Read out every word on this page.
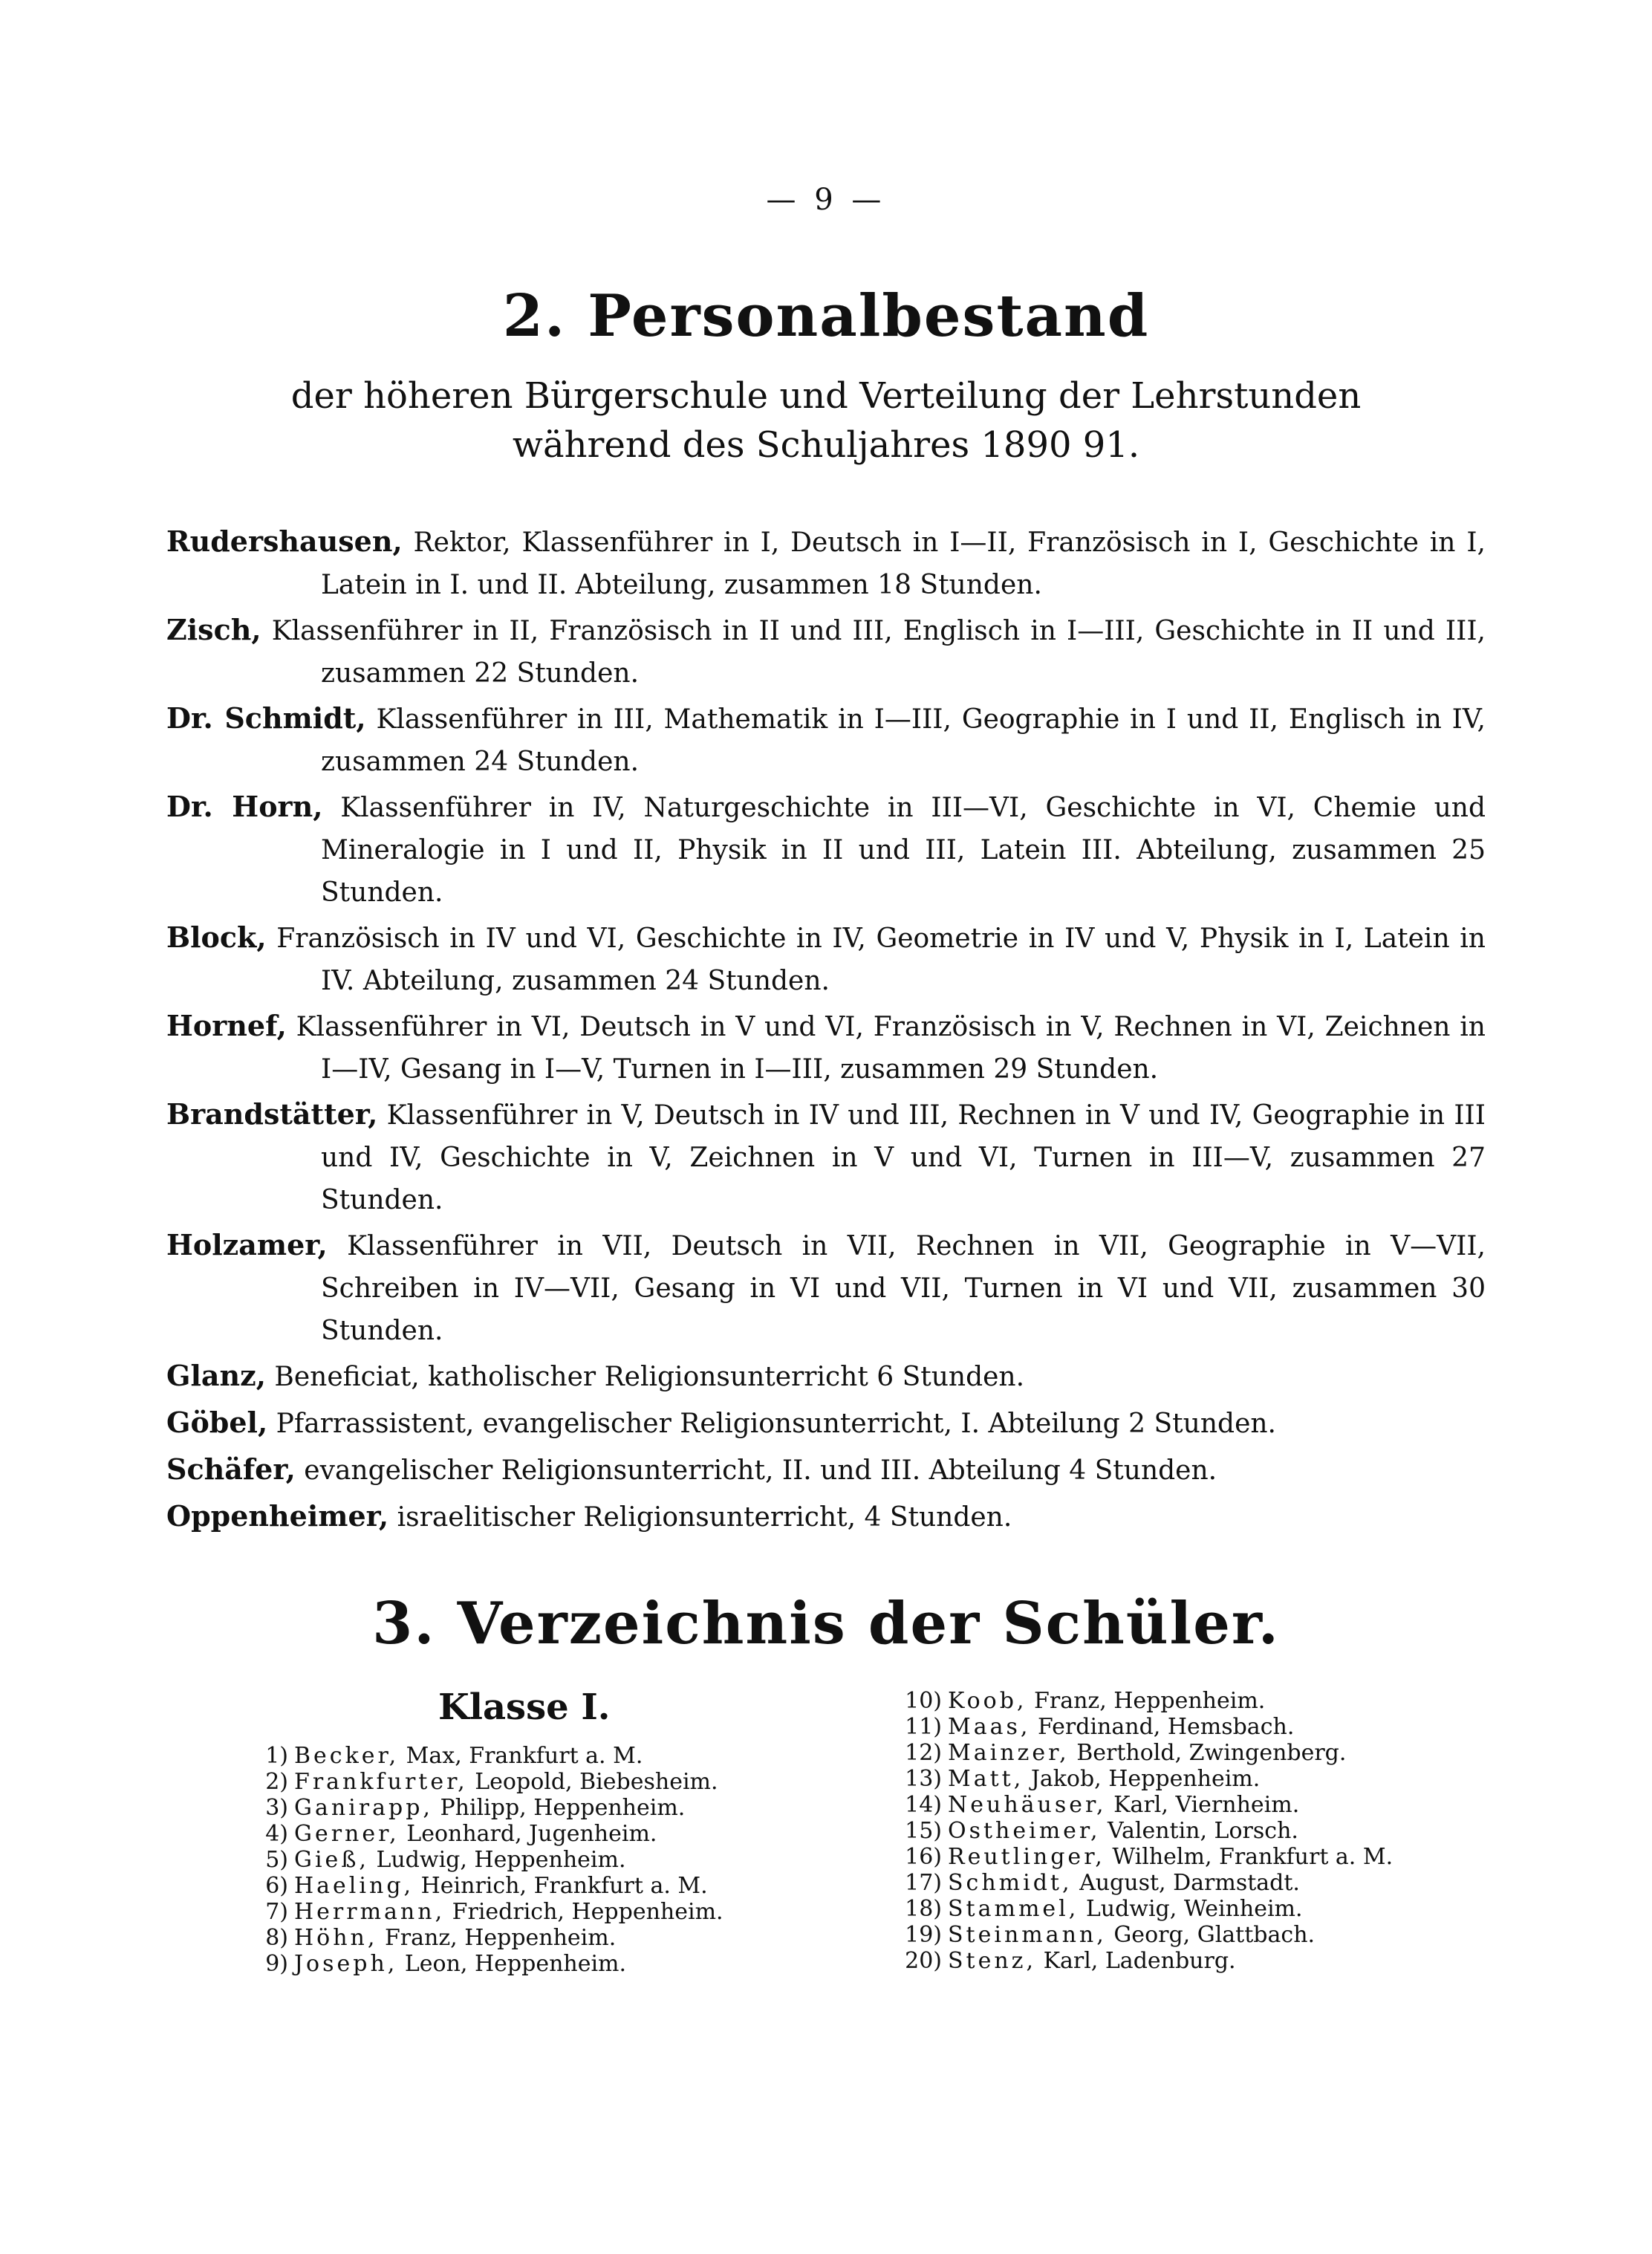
— 9 —
2. Personalbestand
der höheren Bürgerschule und Verteilung der Lehrstunden
während des Schuljahres 1890 91.
Rudershausen, Rektor, Klassenführer in I, Deutsch in I—II, Französisch in I, Geschichte in I, Latein in I. und II. Abteilung, zusammen 18 Stunden.
Zisch, Klassenführer in II, Französisch in II und III, Englisch in I—III, Geschichte in II und III, zusammen 22 Stunden.
Dr. Schmidt, Klassenführer in III, Mathematik in I—III, Geographie in I und II, Englisch in IV, zusammen 24 Stunden.
Dr. Horn, Klassenführer in IV, Naturgeschichte in III—VI, Geschichte in VI, Chemie und Mineralogie in I und II, Physik in II und III, Latein III. Abteilung, zusammen 25 Stunden.
Block, Französisch in IV und VI, Geschichte in IV, Geometrie in IV und V, Physik in I, Latein in IV. Abteilung, zusammen 24 Stunden.
Hornef, Klassenführer in VI, Deutsch in V und VI, Französisch in V, Rechnen in VI, Zeichnen in I—IV, Gesang in I—V, Turnen in I—III, zusammen 29 Stunden.
Brandstätter, Klassenführer in V, Deutsch in IV und III, Rechnen in V und IV, Geographie in III und IV, Geschichte in V, Zeichnen in V und VI, Turnen in III—V, zusammen 27 Stunden.
Holzamer, Klassenführer in VII, Deutsch in VII, Rechnen in VII, Geographie in V—VII, Schreiben in IV—VII, Gesang in VI und VII, Turnen in VI und VII, zusammen 30 Stunden.
Glanz, Beneficiat, katholischer Religionsunterricht 6 Stunden.
Göbel, Pfarrassistent, evangelischer Religionsunterricht, I. Abteilung 2 Stunden.
Schäfer, evangelischer Religionsunterricht, II. und III. Abteilung 4 Stunden.
Oppenheimer, israelitischer Religionsunterricht, 4 Stunden.
3. Verzeichnis der Schüler.
Klasse I.
1) Becker, Max, Frankfurt a. M.
2) Frankfurter, Leopold, Biebesheim.
3) Ganirapp, Philipp, Heppenheim.
4) Gerner, Leonhard, Jugenheim.
5) Gieß, Ludwig, Heppenheim.
6) Haeling, Heinrich, Frankfurt a. M.
7) Herrmann, Friedrich, Heppenheim.
8) Höhn, Franz, Heppenheim.
9) Joseph, Leon, Heppenheim.
10) Koob, Franz, Heppenheim.
11) Maas, Ferdinand, Hemsbach.
12) Mainzer, Berthold, Zwingenberg.
13) Matt, Jakob, Heppenheim.
14) Neuhäuser, Karl, Viernheim.
15) Ostheimer, Valentin, Lorsch.
16) Reutlinger, Wilhelm, Frankfurt a. M.
17) Schmidt, August, Darmstadt.
18) Stammel, Ludwig, Weinheim.
19) Steinmann, Georg, Glattbach.
20) Stenz, Karl, Ladenburg.
